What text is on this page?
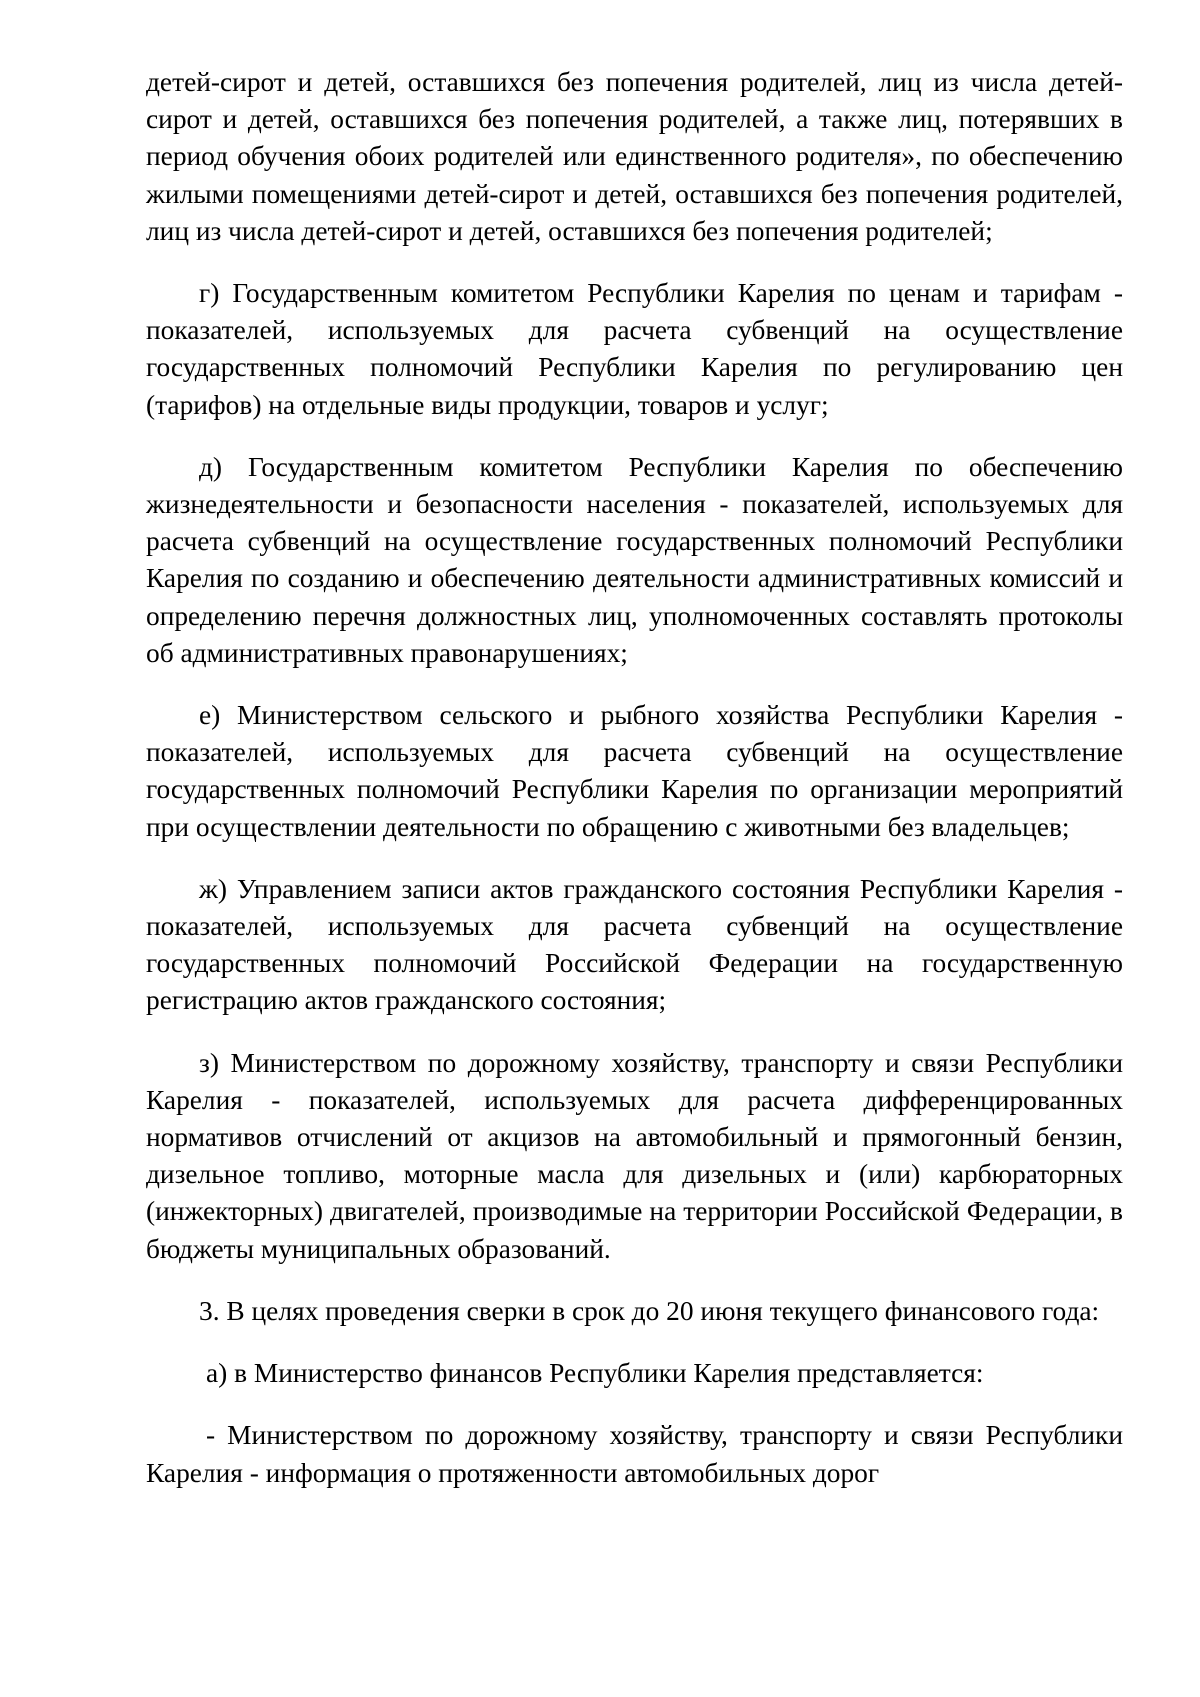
детей-сирот и детей, оставшихся без попечения родителей, лиц из числа детей-сирот и детей, оставшихся без попечения родителей, а также лиц, потерявших в период обучения обоих родителей или единственного родителя», по обеспечению жилыми помещениями детей-сирот и детей, оставшихся без попечения родителей, лиц из числа детей-сирот и детей, оставшихся без попечения родителей;

г) Государственным комитетом Республики Карелия по ценам и тарифам - показателей, используемых для расчета субвенций на осуществление государственных полномочий Республики Карелия по регулированию цен (тарифов) на отдельные виды продукции, товаров и услуг;

д) Государственным комитетом Республики Карелия по обеспечению жизнедеятельности и безопасности населения - показателей, используемых для расчета субвенций на осуществление государственных полномочий Республики Карелия по созданию и обеспечению деятельности административных комиссий и определению перечня должностных лиц, уполномоченных составлять протоколы об административных правонарушениях;

е) Министерством сельского и рыбного хозяйства Республики Карелия - показателей, используемых для расчета субвенций на осуществление государственных полномочий Республики Карелия по организации мероприятий при осуществлении деятельности по обращению с животными без владельцев;

ж) Управлением записи актов гражданского состояния Республики Карелия - показателей, используемых для расчета субвенций на осуществление государственных полномочий Российской Федерации на государственную регистрацию актов гражданского состояния;

з) Министерством по дорожному хозяйству, транспорту и связи Республики Карелия - показателей, используемых для расчета дифференцированных нормативов отчислений от акцизов на автомобильный и прямогонный бензин, дизельное топливо, моторные масла для дизельных и (или) карбюраторных (инжекторных) двигателей, производимые на территории Российской Федерации, в бюджеты муниципальных образований.

3. В целях проведения сверки в срок до 20 июня текущего финансового года:

а) в Министерство финансов Республики Карелия представляется:

- Министерством по дорожному хозяйству, транспорту и связи Республики Карелия - информация о протяженности автомобильных дорог
